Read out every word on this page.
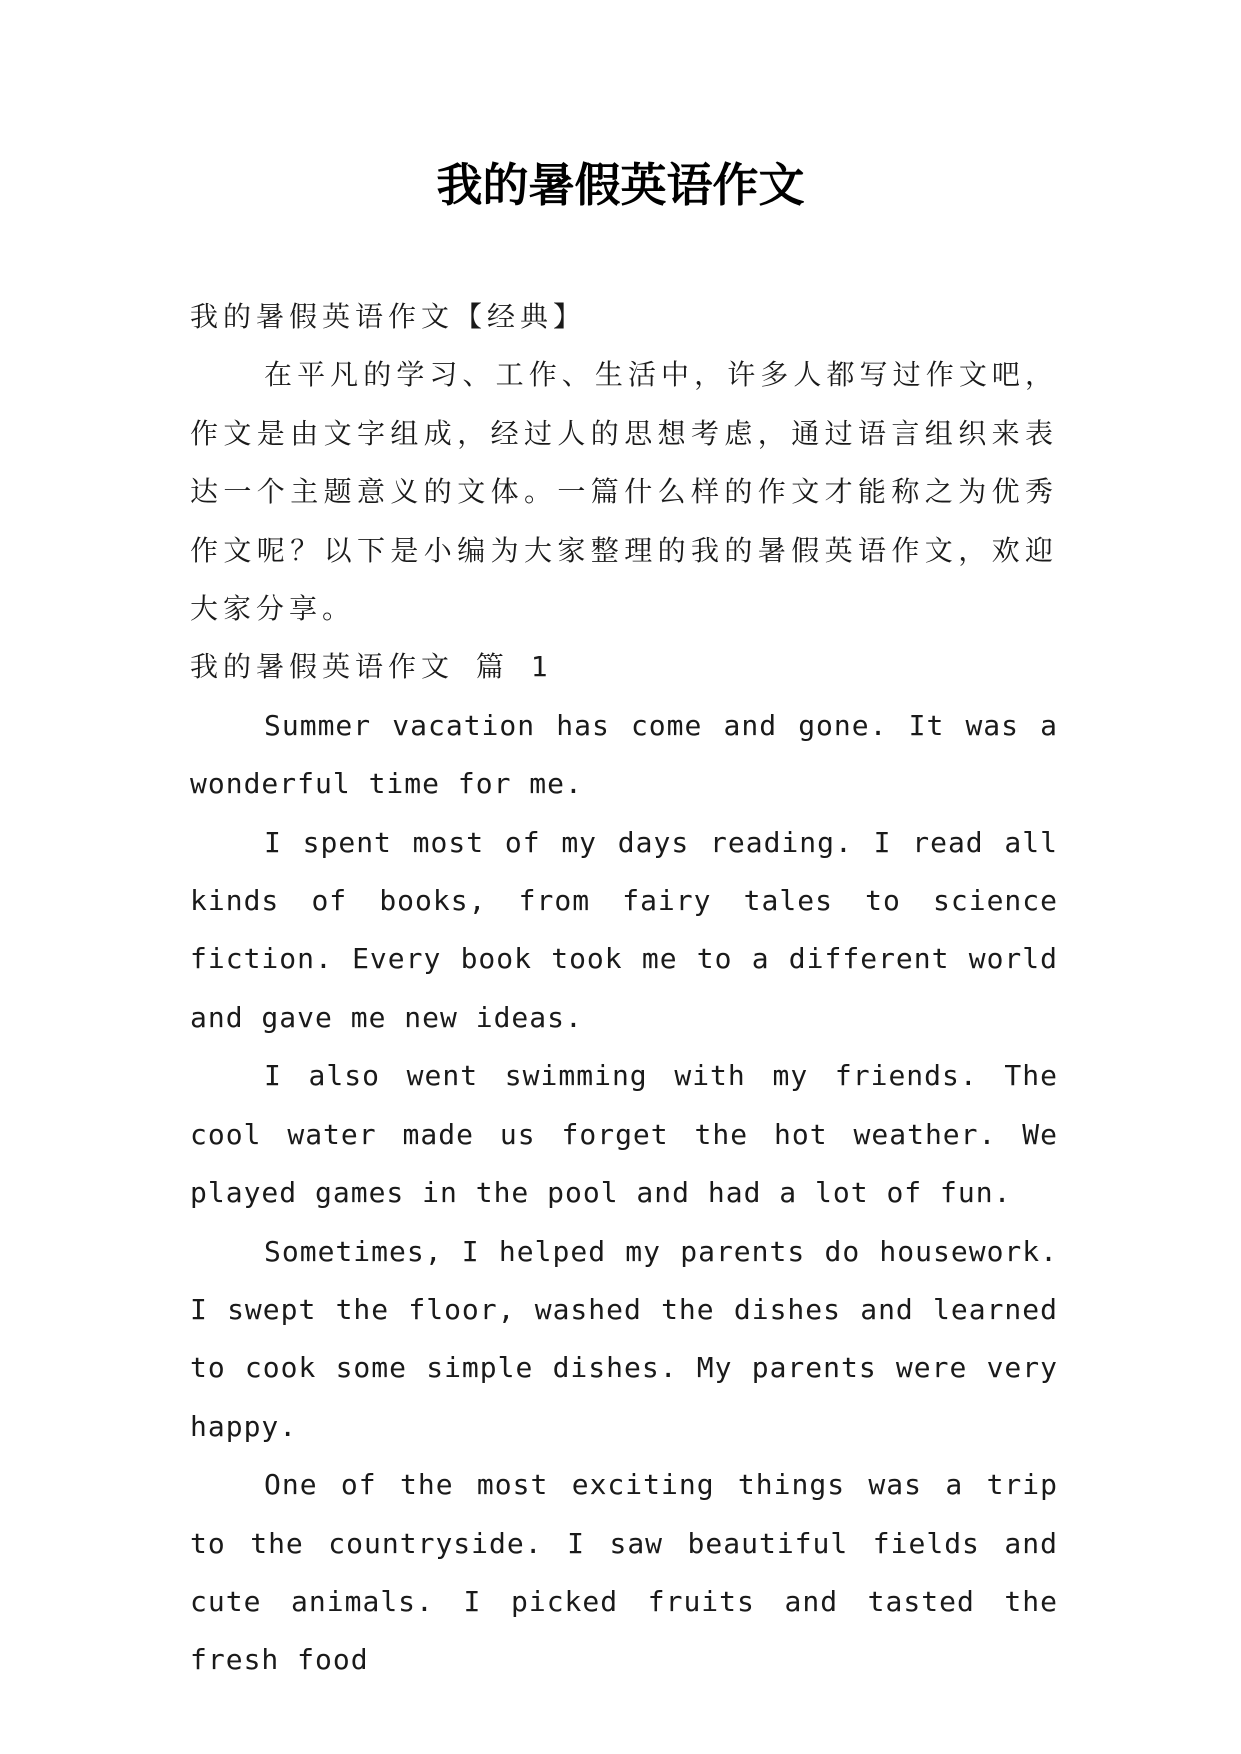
我的暑假英语作文

我的暑假英语作文【经典】

在平凡的学习、工作、生活中，许多人都写过作文吧，作文是由文字组成，经过人的思想考虑，通过语言组织来表达一个主题意义的文体。一篇什么样的作文才能称之为优秀作文呢？以下是小编为大家整理的我的暑假英语作文，欢迎大家分享。

我的暑假英语作文 篇 1

Summer vacation has come and gone. It was a wonderful time for me.

I spent most of my days reading. I read all kinds of books, from fairy tales to science fiction. Every book took me to a different world and gave me new ideas.

I also went swimming with my friends. The cool water made us forget the hot weather. We played games in the pool and had a lot of fun.

Sometimes, I helped my parents do housework. I swept the floor, washed the dishes and learned to cook some simple dishes. My parents were very happy.

One of the most exciting things was a trip to the countryside. I saw beautiful fields and cute animals. I picked fruits and tasted the fresh food
